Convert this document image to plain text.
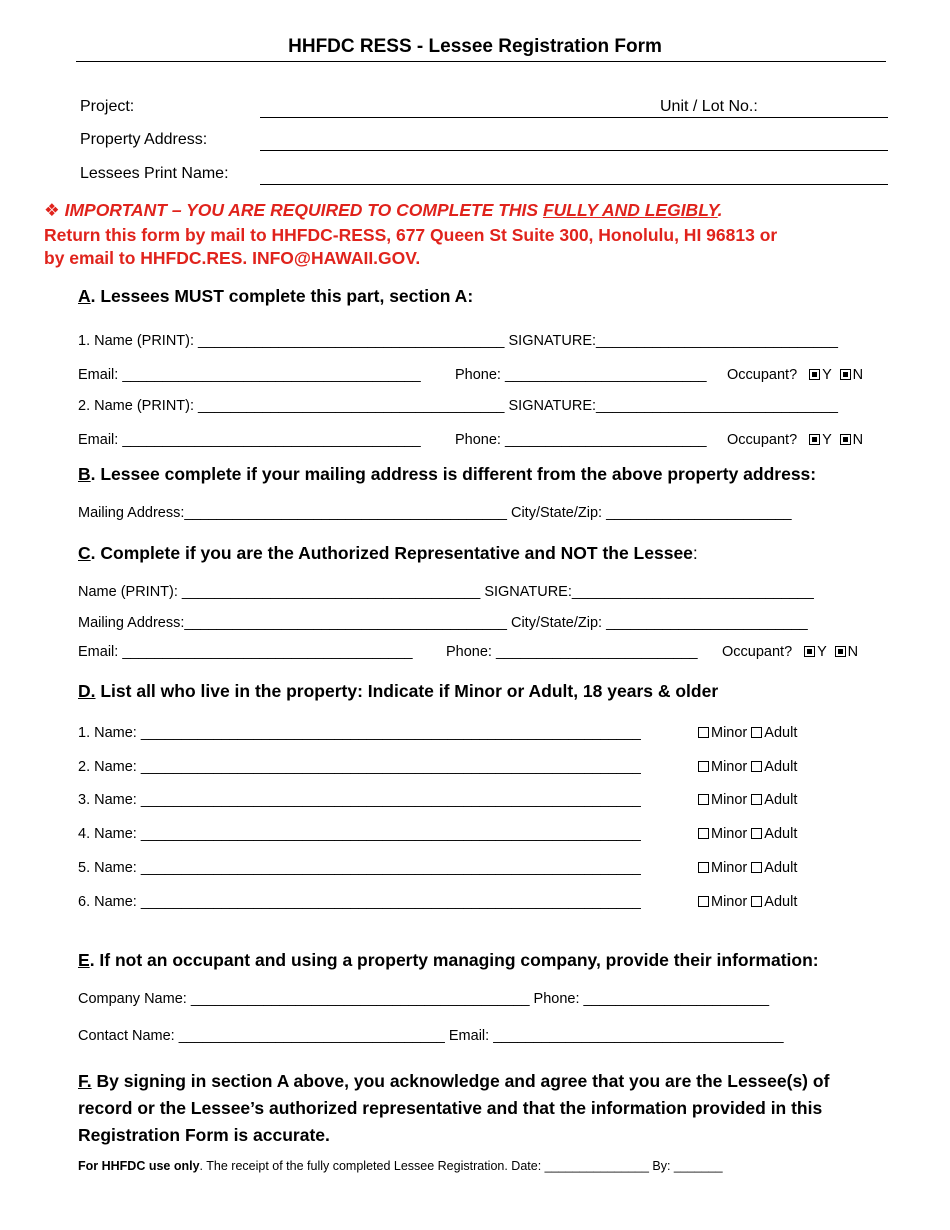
HHFDC RESS - Lessee Registration Form
Project:	Unit / Lot No.:
Property Address:
Lessees Print Name:
❖ IMPORTANT – YOU ARE REQUIRED TO COMPLETE THIS FULLY AND LEGIBLY.
Return this form by mail to HHFDC-RESS, 677 Queen St Suite 300, Honolulu, HI 96813 or
by email to HHFDC.RES. INFO@HAWAII.GOV.
A. Lessees MUST complete this part, section A:
1. Name (PRINT): ______________________________________ SIGNATURE:______________________________
Email: _____________________________________ Phone: _________________________ Occupant? Y N
2. Name (PRINT): ______________________________________ SIGNATURE:______________________________
Email: _____________________________________ Phone: _________________________ Occupant? Y N
B. Lessee complete if your mailing address is different from the above property address:
Mailing Address:________________________________________ City/State/Zip: _______________________
C. Complete if you are the Authorized Representative and NOT the Lessee:
Name (PRINT): _____________________________________ SIGNATURE:______________________________
Mailing Address:________________________________________ City/State/Zip: _________________________
Email: ____________________________________ Phone: _________________________ Occupant? Y N
D. List all who live in the property: Indicate if Minor or Adult, 18 years & older
1. Name: ______________________________________________________________	Minor Adult
2. Name: ______________________________________________________________	Minor Adult
3. Name: ______________________________________________________________	Minor Adult
4. Name: ______________________________________________________________	Minor Adult
5. Name: ______________________________________________________________	Minor Adult
6. Name: ______________________________________________________________	Minor Adult
E. If not an occupant and using a property managing company, provide their information:
Company Name: __________________________________________ Phone: _______________________
Contact Name: _________________________________ Email: ____________________________________
F. By signing in section A above, you acknowledge and agree that you are the Lessee(s) of record or the Lessee’s authorized representative and that the information provided in this Registration Form is accurate.
For HHFDC use only. The receipt of the fully completed Lessee Registration. Date: _______________ By: _______
